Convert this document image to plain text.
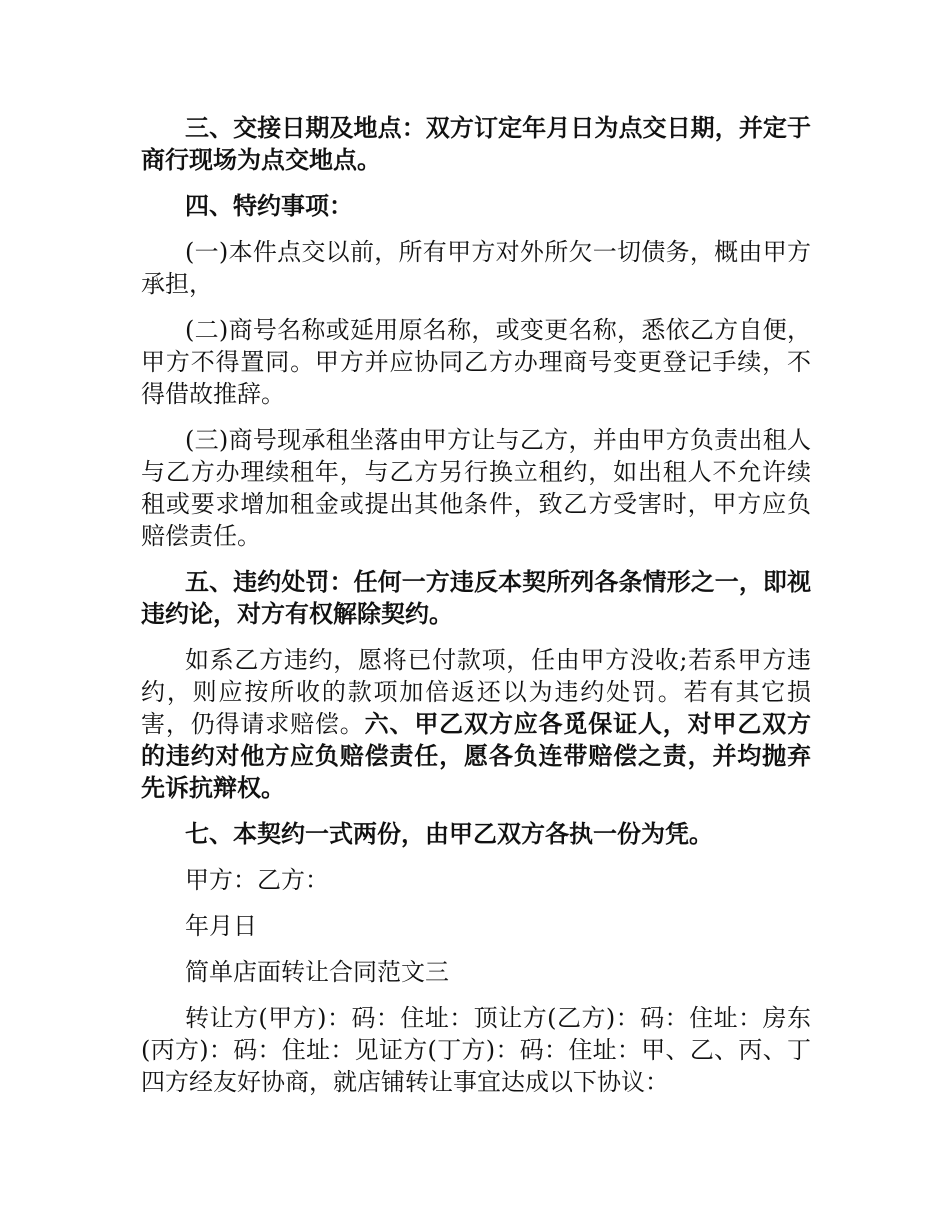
三、交接日期及地点：双方订定年月日为点交日期，并定于商行现场为点交地点。

四、特约事项：

(一)本件点交以前，所有甲方对外所欠一切债务，概由甲方承担，

(二)商号名称或延用原名称，或变更名称，悉依乙方自便，甲方不得置同。甲方并应协同乙方办理商号变更登记手续，不得借故推辞。

(三)商号现承租坐落由甲方让与乙方，并由甲方负责出租人与乙方办理续租年，与乙方另行换立租约，如出租人不允许续租或要求增加租金或提出其他条件，致乙方受害时，甲方应负赔偿责任。

五、违约处罚：任何一方违反本契所列各条情形之一，即视违约论，对方有权解除契约。

如系乙方违约，愿将已付款项，任由甲方没收;若系甲方违约，则应按所收的款项加倍返还以为违约处罚。若有其它损害，仍得请求赔偿。六、甲乙双方应各觅保证人，对甲乙双方的违约对他方应负赔偿责任，愿各负连带赔偿之责，并均抛弃先诉抗辩权。

七、本契约一式两份，由甲乙双方各执一份为凭。

甲方：乙方：

年月日

简单店面转让合同范文三

转让方(甲方)：码：住址：顶让方(乙方)：码：住址：房东(丙方)：码：住址：见证方(丁方)：码：住址：甲、乙、丙、丁四方经友好协商，就店铺转让事宜达成以下协议：
